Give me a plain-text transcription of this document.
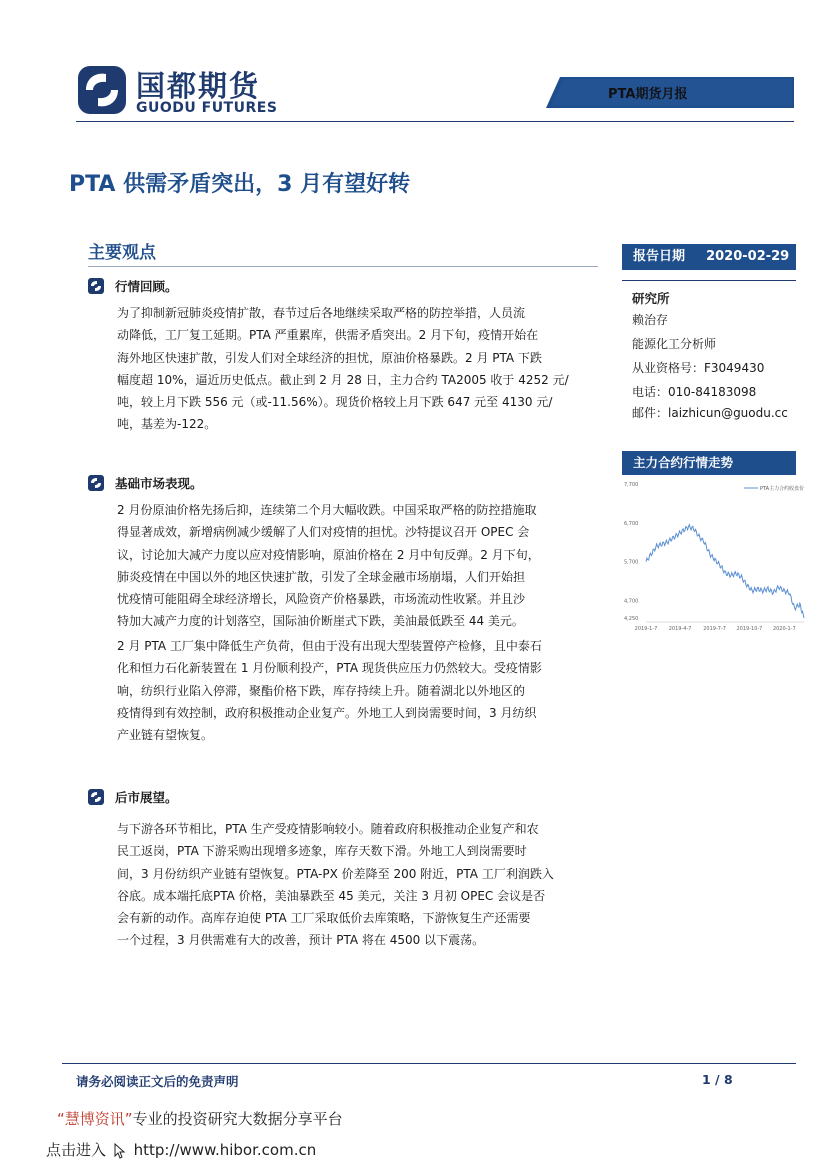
国都期货
GUODU FUTURES
PTA期货月报
PTA 供需矛盾突出，3 月有望好转
主要观点
行情回顾。
为了抑制新冠肺炎疫情扩散，春节过后各地继续采取严格的防控举措，人员流
动降低，工厂复工延期。PTA 严重累库，供需矛盾突出。2 月下旬，疫情开始在
海外地区快速扩散，引发人们对全球经济的担忧，原油价格暴跌。2 月 PTA 下跌
幅度超 10%，逼近历史低点。截止到 2 月 28 日，主力合约 TA2005 收于 4252 元/
吨，较上月下跌 556 元（或-11.56%）。现货价格较上月下跌 647 元至 4130 元/
吨，基差为-122。
基础市场表现。
2 月份原油价格先扬后抑，连续第二个月大幅收跌。中国采取严格的防控措施取
得显著成效，新增病例减少缓解了人们对疫情的担忧。沙特提议召开 OPEC 会
议，讨论加大减产力度以应对疫情影响，原油价格在 2 月中旬反弹。2 月下旬，
肺炎疫情在中国以外的地区快速扩散，引发了全球金融市场崩塌，人们开始担
忧疫情可能阻碍全球经济增长，风险资产价格暴跌，市场流动性收紧。并且沙
特加大减产力度的计划落空，国际油价断崖式下跌，美油最低跌至 44 美元。
2 月 PTA 工厂集中降低生产负荷，但由于没有出现大型装置停产检修，且中泰石
化和恒力石化新装置在 1 月份顺利投产，PTA 现货供应压力仍然较大。受疫情影
响，纺织行业陷入停滞，聚酯价格下跌，库存持续上升。随着湖北以外地区的
疫情得到有效控制，政府积极推动企业复产。外地工人到岗需要时间，3 月纺织
产业链有望恢复。
后市展望。
与下游各环节相比，PTA 生产受疫情影响较小。随着政府积极推动企业复产和农
民工返岗，PTA 下游采购出现增多迹象，库存天数下滑。外地工人到岗需要时
间，3 月份纺织产业链有望恢复。PTA-PX 价差降至 200 附近，PTA 工厂利润跌入
谷底。成本端托底PTA 价格，美油暴跌至 45 美元，关注 3 月初 OPEC 会议是否
会有新的动作。高库存迫使 PTA 工厂采取低价去库策略，下游恢复生产还需要
一个过程，3 月供需难有大的改善，预计 PTA 将在 4500 以下震荡。
报告日期 2020-02-29
研究所
赖治存
能源化工分析师
从业资格号：F3049430
电话：010-84183098
邮件：laizhicun@guodu.cc
主力合约行情走势
PTA主力合约收盘价
7,700
6,700
5,700
4,700
4,250
2019-1-7 2019-4-7 2019-7-7 2019-10-7 2020-1-7
请务必阅读正文后的免责声明	1 / 8
“慧博资讯”专业的投资研究大数据分享平台
点击进入 http://www.hibor.com.cn
